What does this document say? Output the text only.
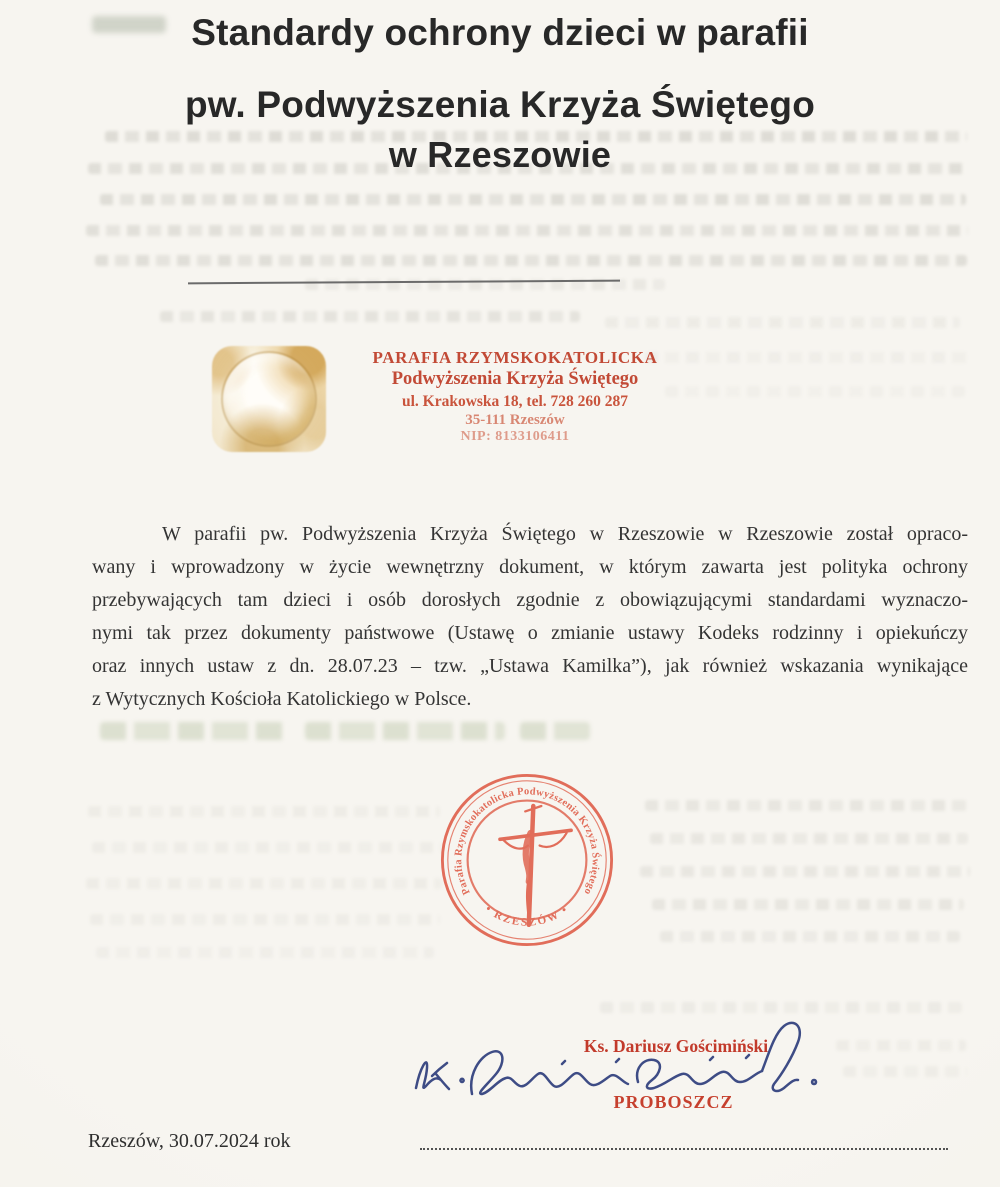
Standardy ochrony dzieci w parafii
pw. Podwyższenia Krzyża Świętego
w Rzeszowie
PARAFIA RZYMSKOKATOLICKA
Podwyższenia Krzyża Świętego
ul. Krakowska 18, tel. 728 260 287
35-111 Rzeszów
NIP: 8133106411
W parafii pw. Podwyższenia Krzyża Świętego w Rzeszowie w Rzeszowie został opraco-
wany i wprowadzony w życie wewnętrzny dokument, w którym zawarta jest polityka ochrony
przebywających tam dzieci i osób dorosłych zgodnie z obowiązującymi standardami wyznaczo-
nymi tak przez dokumenty państwowe (Ustawę o zmianie ustawy Kodeks rodzinny i opiekuńczy
oraz innych ustaw z dn. 28.07.23 – tzw. „Ustawa Kamilka”), jak również wskazania wynikające
z Wytycznych Kościoła Katolickiego w Polsce.
Parafia Rzymskokatolicka Podwyższenia Krzyża Świętego
• RZESZÓW •
Ks. Dariusz Gościmiński
PROBOSZCZ
Rzeszów, 30.07.2024 rok
